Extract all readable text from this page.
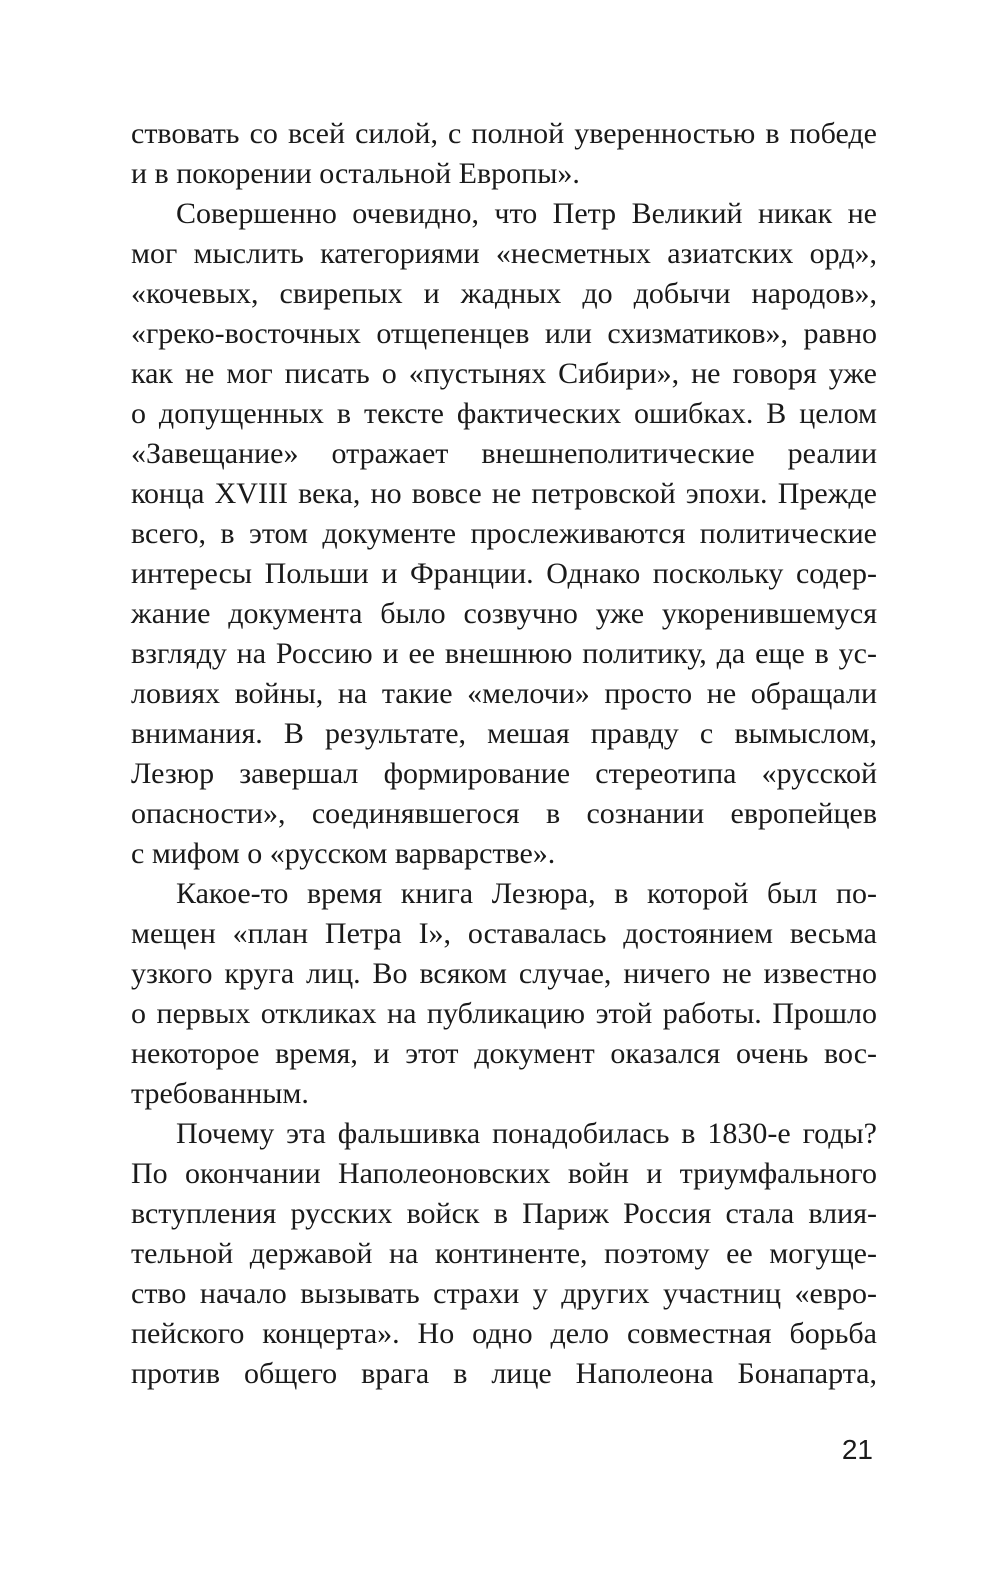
ствовать со всей силой, с полной уверенностью в победе
и в покорении остальной Европы».
Совершенно очевидно, что Петр Великий никак не
мог мыслить категориями «несметных азиатских орд»,
«кочевых, свирепых и жадных до добычи народов»,
«греко-восточных отщепенцев или схизматиков», равно
как не мог писать о «пустынях Сибири», не говоря уже
о допущенных в тексте фактических ошибках. В целом
«Завещание» отражает внешнеполитические реалии
конца XVIII века, но вовсе не петровской эпохи. Прежде
всего, в этом документе прослеживаются политические
интересы Польши и Франции. Однако поскольку содер-
жание документа было созвучно уже укоренившемуся
взгляду на Россию и ее внешнюю политику, да еще в ус-
ловиях войны, на такие «мелочи» просто не обращали
внимания. В результате, мешая правду с вымыслом,
Лезюр завершал формирование стереотипа «русской
опасности», соединявшегося в сознании европейцев
с мифом о «русском варварстве».
Какое-то время книга Лезюра, в которой был по-
мещен «план Петра I», оставалась достоянием весьма
узкого круга лиц. Во всяком случае, ничего не известно
о первых откликах на публикацию этой работы. Прошло
некоторое время, и этот документ оказался очень вос-
требованным.
Почему эта фальшивка понадобилась в 1830-е годы?
По окончании Наполеоновских войн и триумфального
вступления русских войск в Париж Россия стала влия-
тельной державой на континенте, поэтому ее могуще-
ство начало вызывать страхи у других участниц «евро-
пейского концерта». Но одно дело совместная борьба
против общего врага в лице Наполеона Бонапарта,
21
